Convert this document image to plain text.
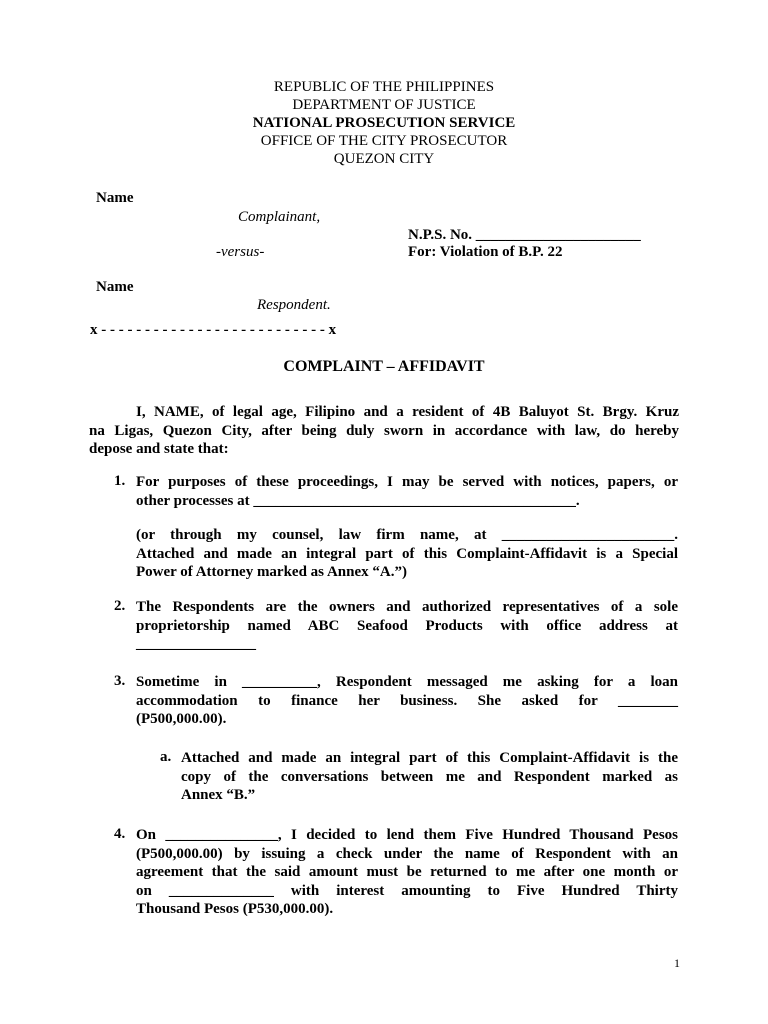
REPUBLIC OF THE PHILIPPINES
DEPARTMENT OF JUSTICE
NATIONAL PROSECUTION SERVICE
OFFICE OF THE CITY PROSECUTOR
QUEZON CITY
Name
Complainant,
N.P.S. No. ______________________
-versus-	For: Violation of B.P. 22
Name
Respondent.
x - - - - - - - - - - - - - - - - - - - - - - - - - - x
COMPLAINT – AFFIDAVIT
I, NAME, of legal age, Filipino and a resident of 4B Baluyot St. Brgy. Kruz
na Ligas, Quezon City, after being duly sworn in accordance with law, do hereby
depose and state that:
1. For purposes of these proceedings, I may be served with notices, papers, or
other processes at ___________________________________________.
(or through my counsel, law firm name, at _______________________.
Attached and made an integral part of this Complaint-Affidavit is a Special
Power of Attorney marked as Annex “A.”)
2. The Respondents are the owners and authorized representatives of a sole
proprietorship named ABC Seafood Products with office address at
________________
3. Sometime in __________, Respondent messaged me asking for a loan
accommodation to finance her business. She asked for ________
(P500,000.00).
a. Attached and made an integral part of this Complaint-Affidavit is the
copy of the conversations between me and Respondent marked as
Annex “B.”
4. On _______________, I decided to lend them Five Hundred Thousand Pesos
(P500,000.00) by issuing a check under the name of Respondent with an
agreement that the said amount must be returned to me after one month or
on ______________ with interest amounting to Five Hundred Thirty
Thousand Pesos (P530,000.00).
1
